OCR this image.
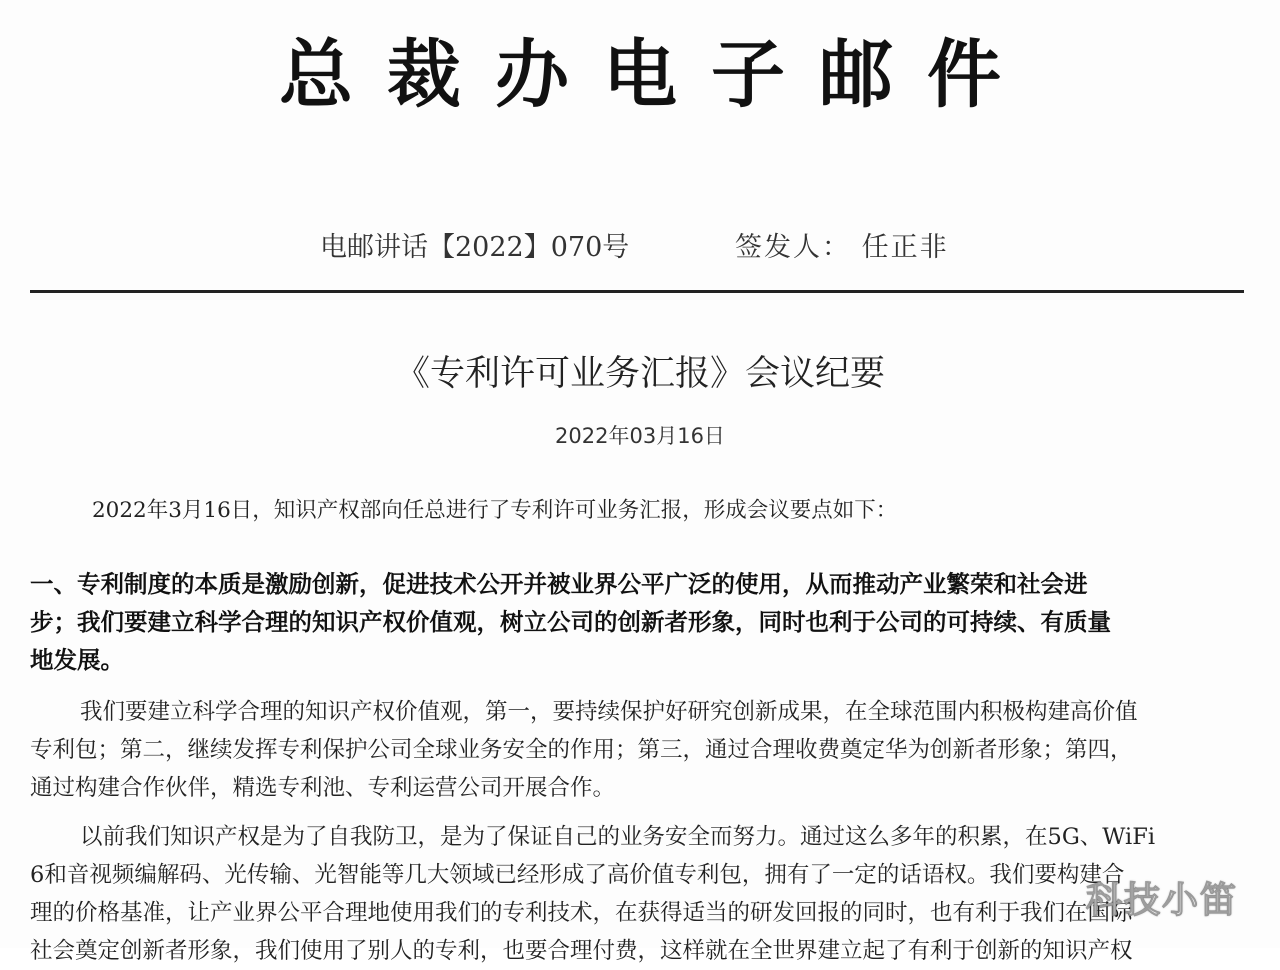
总裁办电子邮件
电邮讲话【2022】070号	签发人： 任正非
《专利许可业务汇报》会议纪要
2022年03月16日
2022年3月16日，知识产权部向任总进行了专利许可业务汇报，形成会议要点如下：
一、专利制度的本质是激励创新，促进技术公开并被业界公平广泛的使用，从而推动产业繁荣和社会进
步；我们要建立科学合理的知识产权价值观，树立公司的创新者形象，同时也利于公司的可持续、有质量
地发展。
我们要建立科学合理的知识产权价值观，第一，要持续保护好研究创新成果，在全球范围内积极构建高价值
专利包；第二，继续发挥专利保护公司全球业务安全的作用；第三，通过合理收费奠定华为创新者形象；第四，
通过构建合作伙伴，精选专利池、专利运营公司开展合作。
以前我们知识产权是为了自我防卫，是为了保证自己的业务安全而努力。通过这么多年的积累，在5G、WiFi
6和音视频编解码、光传输、光智能等几大领域已经形成了高价值专利包，拥有了一定的话语权。我们要构建合
理的价格基准，让产业界公平合理地使用我们的专利技术，在获得适当的研发回报的同时，也有利于我们在国际
社会奠定创新者形象，我们使用了别人的专利，也要合理付费，这样就在全世界建立起了有利于创新的知识产权
科技小笛
